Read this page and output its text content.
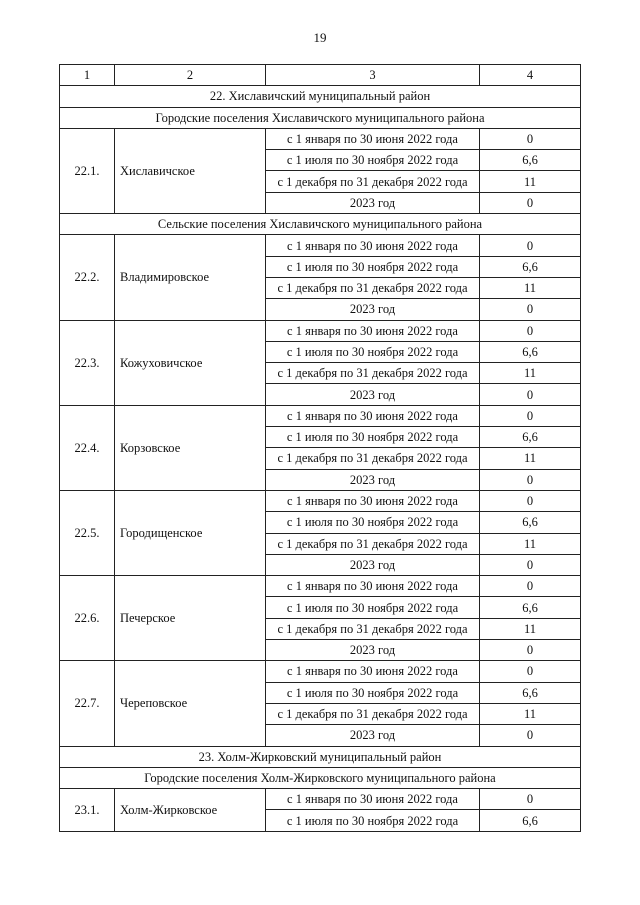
19
1	2	3	4
22. Хиславичский муниципальный район			
Городские поселения Хиславичского муниципального района			
22.1.	Хиславичское	с 1 января по 30 июня 2022 года	0
		с 1 июля по 30 ноября 2022 года	6,6
		с 1 декабря по 31 декабря 2022 года	11
		2023 год	0
Сельские поселения Хиславичского муниципального района			
22.2.	Владимировское	с 1 января по 30 июня 2022 года	0
		с 1 июля по 30 ноября 2022 года	6,6
		с 1 декабря по 31 декабря 2022 года	11
		2023 год	0
22.3.	Кожуховичское	с 1 января по 30 июня 2022 года	0
		с 1 июля по 30 ноября 2022 года	6,6
		с 1 декабря по 31 декабря 2022 года	11
		2023 год	0
22.4.	Корзовское	с 1 января по 30 июня 2022 года	0
		с 1 июля по 30 ноября 2022 года	6,6
		с 1 декабря по 31 декабря 2022 года	11
		2023 год	0
22.5.	Городищенское	с 1 января по 30 июня 2022 года	0
		с 1 июля по 30 ноября 2022 года	6,6
		с 1 декабря по 31 декабря 2022 года	11
		2023 год	0
22.6.	Печерское	с 1 января по 30 июня 2022 года	0
		с 1 июля по 30 ноября 2022 года	6,6
		с 1 декабря по 31 декабря 2022 года	11
		2023 год	0
22.7.	Череповское	с 1 января по 30 июня 2022 года	0
		с 1 июля по 30 ноября 2022 года	6,6
		с 1 декабря по 31 декабря 2022 года	11
		2023 год	0
23. Холм-Жирковский муниципальный район			
Городские поселения Холм-Жирковского муниципального района			
23.1.	Холм-Жирковское	с 1 января по 30 июня 2022 года	0
		с 1 июля по 30 ноября 2022 года	6,6
